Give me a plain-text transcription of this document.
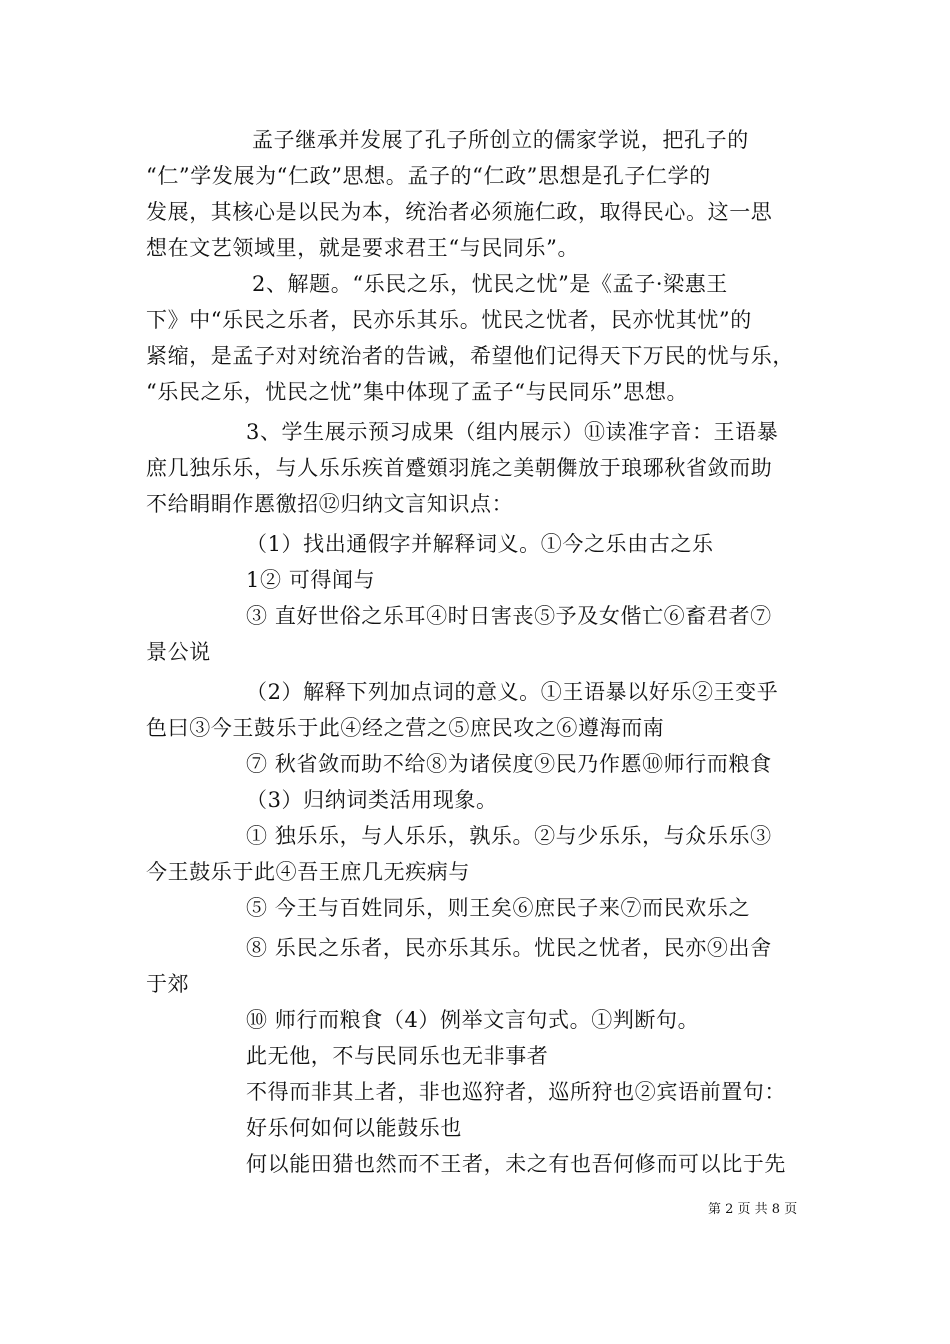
孟子继承并发展了孔子所创立的儒家学说，把孔子的
“仁”学发展为“仁政”思想。孟子的“仁政”思想是孔子仁学的
发展，其核心是以民为本，统治者必须施仁政，取得民心。这一思
想在文艺领域里，就是要求君王“与民同乐”。
2、解题。“乐民之乐，忧民之忧”是《孟子·梁惠王
下》中“乐民之乐者，民亦乐其乐。忧民之忧者，民亦忧其忧”的
紧缩，是孟子对对统治者的告诫，希望他们记得天下万民的忧与乐，
“乐民之乐，忧民之忧”集中体现了孟子“与民同乐”思想。
3、学生展示预习成果（组内展示）⑪读准字音：王语暴
庶几独乐乐，与人乐乐疾首蹙頞羽旄之美朝儛放于琅琊秋省敛而助
不给睊睊作慝徼招⑫归纳文言知识点：
（1）找出通假字并解释词义。①今之乐由古之乐
1② 可得闻与
③ 直好世俗之乐耳④时日害丧⑤予及女偕亡⑥畜君者⑦
景公说
（2）解释下列加点词的意义。①王语暴以好乐②王变乎
色曰③今王鼓乐于此④经之营之⑤庶民攻之⑥遵海而南
⑦ 秋省敛而助不给⑧为诸侯度⑨民乃作慝⑩师行而粮食
（3）归纳词类活用现象。
① 独乐乐，与人乐乐，孰乐。②与少乐乐，与众乐乐③
今王鼓乐于此④吾王庶几无疾病与
⑤ 今王与百姓同乐，则王矣⑥庶民子来⑦而民欢乐之
⑧ 乐民之乐者，民亦乐其乐。忧民之忧者，民亦⑨出舍
于郊
⑩ 师行而粮食（4）例举文言句式。①判断句。
此无他，不与民同乐也无非事者
不得而非其上者，非也巡狩者，巡所狩也②宾语前置句：
好乐何如何以能鼓乐也
何以能田猎也然而不王者，未之有也吾何修而可以比于先
第 2 页 共 8 页
